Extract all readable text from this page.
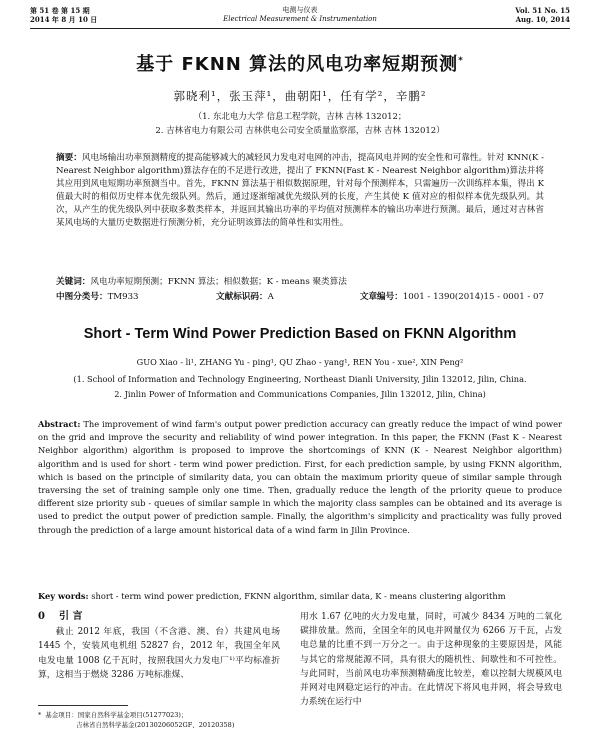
第 51 卷 第 15 期
2014 年 8 月 10 日
电测与仪表
Electrical Measurement & Instrumentation
Vol. 51 No. 15
Aug. 10, 2014
基于 FKNN 算法的风电功率短期预测*
郭晓利¹，张玉萍¹，曲朝阳¹，任有学²，辛鹏²
（1. 东北电力大学 信息工程学院，吉林 吉林 132012；
2. 吉林省电力有限公司 吉林供电公司安全质量监察部，吉林 吉林 132012）
摘要：风电场输出功率预测精度的提高能够减大的减轻风力发电对电网的冲击，提高风电并网的安全性和可靠性。针对 KNN(K - Nearest Neighbor algorithm)算法存在的不足进行改进，提出了 FKNN(Fast K - Nearest Neighbor algorithm)算法并将其应用到风电短期功率预测当中。首先，FKNN 算法基于相似数据原理，针对每个预测样本，只需遍历一次训练样本集，得出 K 值最大时的相似历史样本优先级队列。然后，通过逐渐缩减优先级队列的长度，产生其使 K 值对应的相似样本优先级队列。其次，从产生的优先级队列中获取多数类样本，并返回其输出功率的平均值对预测样本的输出功率进行预测。最后，通过对吉林省某风电场的大量历史数据进行预测分析，充分证明该算法的简单性和实用性。
关键词：风电功率短期预测；FKNN 算法；相似数据；K - means 聚类算法
中图分类号：TM933	文献标识码：A	文章编号：1001 - 1390(2014)15 - 0001 - 07
Short - Term Wind Power Prediction Based on FKNN Algorithm
GUO Xiao - li¹, ZHANG Yu - ping¹, QU Zhao - yang¹, REN You - xue², XIN Peng²
(1. School of Information and Technology Engineering, Northeast Dianli University, Jilin 132012, Jilin, China.
2. Jinlin Power of Information and Communications Companies, Jilin 132012, Jilin, China)
Abstract: The improvement of wind farm's output power prediction accuracy can greatly reduce the impact of wind power on the grid and improve the security and reliability of wind power integration. In this paper, the FKNN (Fast K - Nearest Neighbor algorithm) algorithm is proposed to improve the shortcomings of KNN (K - Nearest Neighbor algorithm) algorithm and is used for short - term wind power prediction. First, for each prediction sample, by using FKNN algorithm, which is based on the principle of similarity data, you can obtain the maximum priority queue of similar sample through traversing the set of training sample only one time. Then, gradually reduce the length of the priority queue to produce different size priority sub - queues of similar sample in which the majority class samples can be obtained and its average is used to predict the output power of prediction sample. Finally, the algorithm's simplicity and practicality was fully proved through the prediction of a large amount historical data of a wind farm in Jilin Province.
Key words: short - term wind power prediction, FKNN algorithm, similar data, K - means clustering algorithm
0 引 言
截止 2012 年底，我国（不含港、澳、台）共建风电场 1445 个，安装风电机组 52827 台，2012 年，我国全年风电发电量 1008 亿千瓦时，按照我国火力发电厂¹⁾平均标准折算，这相当于燃烧 3286 万吨标准煤、
用水 1.67 亿吨的火力发电量，同时，可减少 8434 万吨的二氧化碳排放量。然而，全国全年的风电并网量仅为 6266 万千瓦，占发电总量的比重不到一万分之一。由于这种现象的主要原因是，风能与其它的常规能源不同，具有很大的随机性、间歇性和不可控性。与此同时，当前风电功率预测精确度比较差，难以控制大规模风电并网对电网稳定运行的冲击。在此情况下将风电并网，将会导致电力系统在运行中
* 基金项目：国家自然科学基金项目(51277023)；
吉林省自然科学基金(20130206052GF、20120358)
